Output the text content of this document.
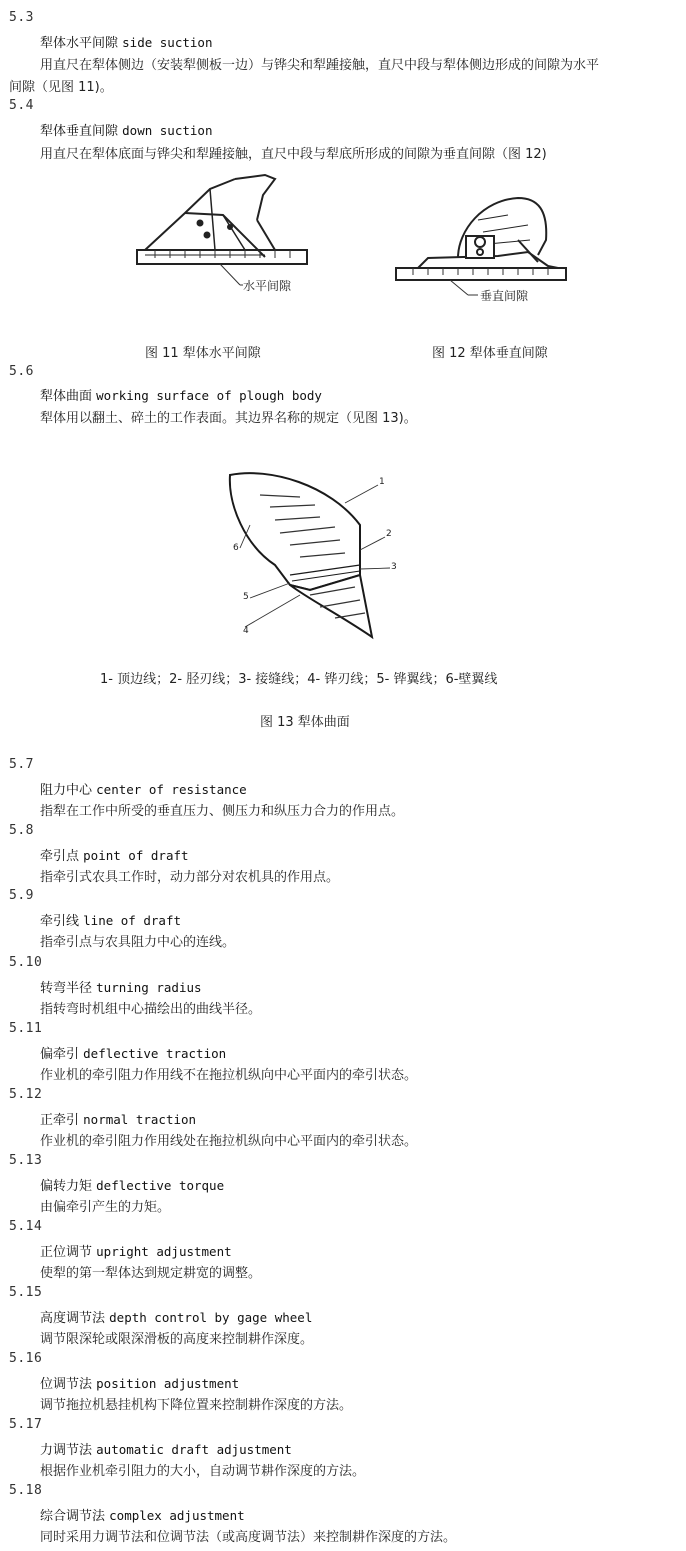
5.3
犁体水平间隙 side suction
用直尺在犁体侧边（安装犁侧板一边）与铧尖和犁踵接触，直尺中段与犁体侧边形成的间隙为水平
间隙（见图 11)。
5.4
犁体垂直间隙 down suction
用直尺在犁体底面与铧尖和犁踵接触，直尺中段与犁底所形成的间隙为垂直间隙（图 12)
水平间隙
图 11 犁体水平间隙
垂直间隙
图 12 犁体垂直间隙
5.6
犁体曲面 working surface of plough body
犁体用以翻土、碎土的工作表面。其边界名称的规定（见图 13)。
1
2
3
4
5
6
1- 顶边线；2- 胫刃线；3- 接缝线；4- 铧刃线；5- 铧翼线；6-壁翼线
图 13 犁体曲面
5.7
阻力中心 center of resistance
指犁在工作中所受的垂直压力、侧压力和纵压力合力的作用点。
5.8
牵引点 point of draft
指牵引式农具工作时，动力部分对农机具的作用点。
5.9
牵引线 line of draft
指牵引点与农具阻力中心的连线。
5.10
转弯半径 turning radius
指转弯时机组中心描绘出的曲线半径。
5.11
偏牵引 deflective traction
作业机的牵引阻力作用线不在拖拉机纵向中心平面内的牵引状态。
5.12
正牵引 normal traction
作业机的牵引阻力作用线处在拖拉机纵向中心平面内的牵引状态。
5.13
偏转力矩 deflective torque
由偏牵引产生的力矩。
5.14
正位调节 upright adjustment
使犁的第一犁体达到规定耕宽的调整。
5.15
高度调节法 depth control by gage wheel
调节限深轮或限深滑板的高度来控制耕作深度。
5.16
位调节法 position adjustment
调节拖拉机悬挂机构下降位置来控制耕作深度的方法。
5.17
力调节法 automatic draft adjustment
根据作业机牵引阻力的大小，自动调节耕作深度的方法。
5.18
综合调节法 complex adjustment
同时采用力调节法和位调节法（或高度调节法）来控制耕作深度的方法。
